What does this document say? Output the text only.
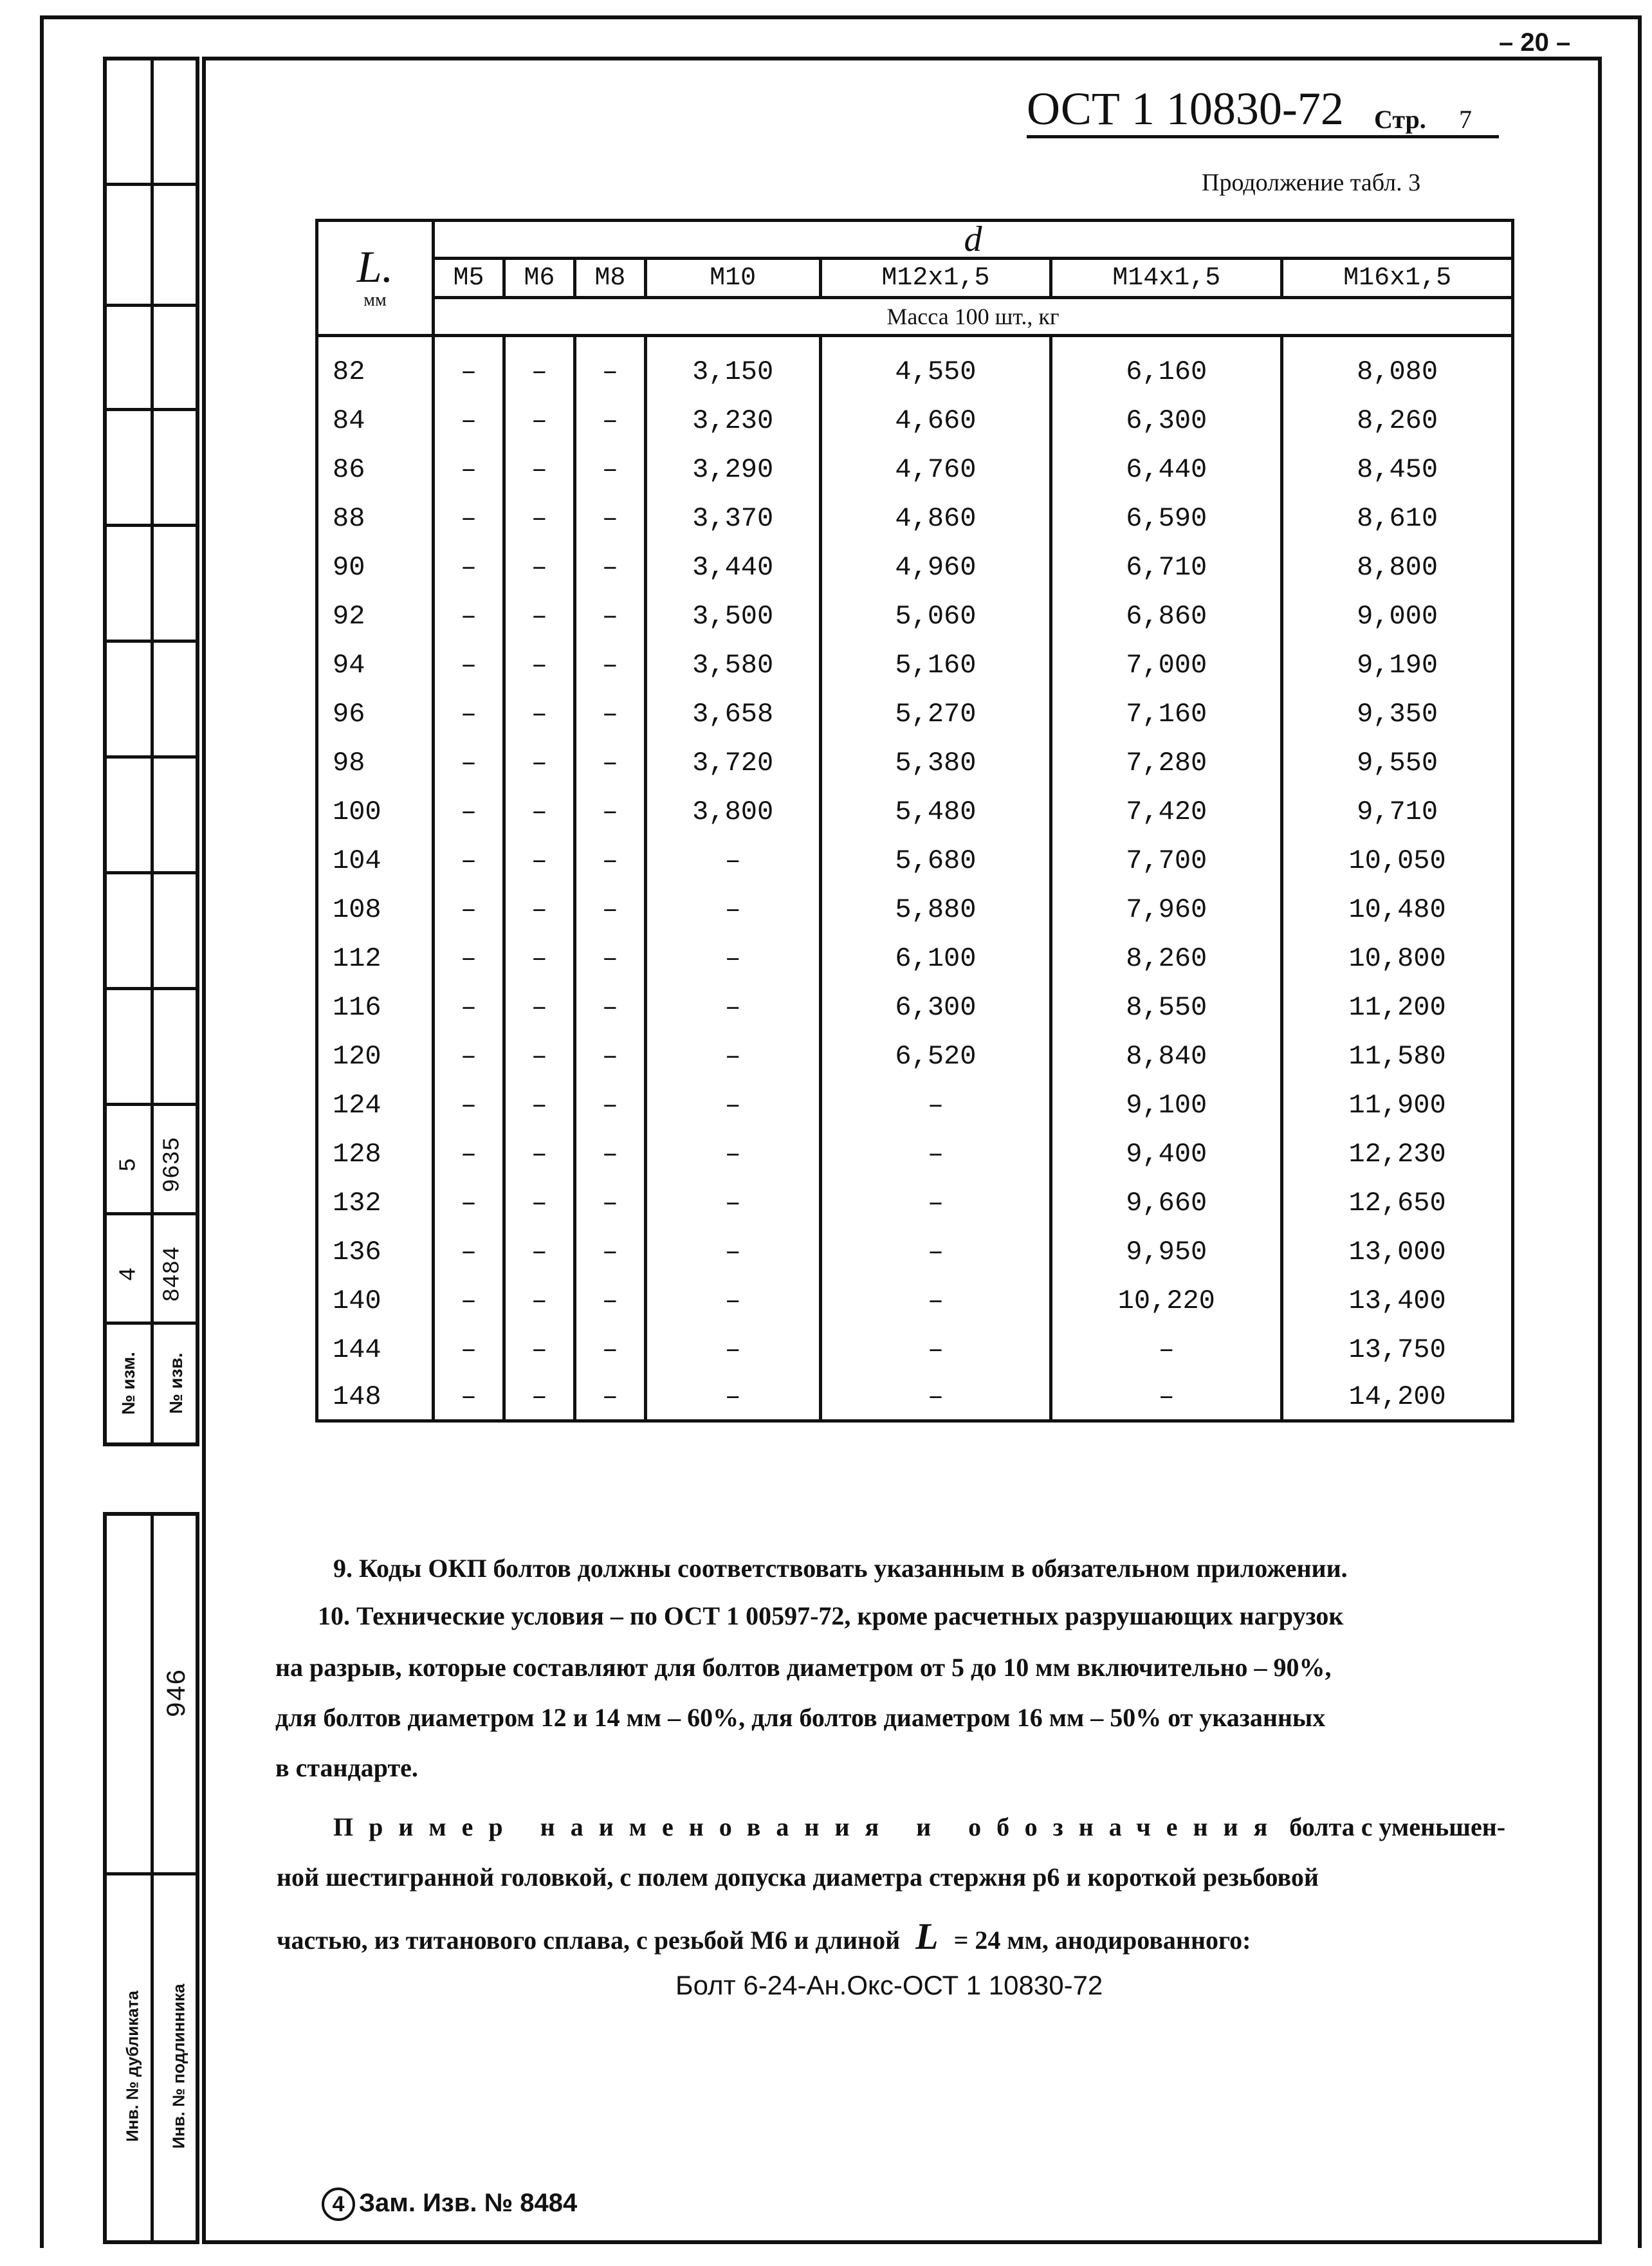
5 9635
4 8484
№ изм. № изв.
946
Инв. № дубликата Инв. № подлинника
– 20 –
ОСТ 1 10830-72 Стр. 7
Продолжение табл. 3
L.
мм	d						
	М5	М6	М8	М10	М12х1,5	М14х1,5	М16х1,5
	Масса 100 шт., кг						

82	–	–	–	3,150	4,550	6,160	8,080
84	–	–	–	3,230	4,660	6,300	8,260
86	–	–	–	3,290	4,760	6,440	8,450
88	–	–	–	3,370	4,860	6,590	8,610
90	–	–	–	3,440	4,960	6,710	8,800
92	–	–	–	3,500	5,060	6,860	9,000
94	–	–	–	3,580	5,160	7,000	9,190
96	–	–	–	3,658	5,270	7,160	9,350
98	–	–	–	3,720	5,380	7,280	9,550
100	–	–	–	3,800	5,480	7,420	9,710
104	–	–	–	–	5,680	7,700	10,050
108	–	–	–	–	5,880	7,960	10,480
112	–	–	–	–	6,100	8,260	10,800
116	–	–	–	–	6,300	8,550	11,200
120	–	–	–	–	6,520	8,840	11,580
124	–	–	–	–	–	9,100	11,900
128	–	–	–	–	–	9,400	12,230
132	–	–	–	–	–	9,660	12,650
136	–	–	–	–	–	9,950	13,000
140	–	–	–	–	–	10,220	13,400
144	–	–	–	–	–	–	13,750
148	–	–	–	–	–	–	14,200
9. Коды ОКП болтов должны соответствовать указанным в обязательном приложении.
10. Технические условия – по ОСТ 1 00597-72, кроме расчетных разрушающих нагрузок
на разрыв, которые составляют для болтов диаметром от 5 до 10 мм включительно – 90%,
для болтов диаметром 12 и 14 мм – 60%, для болтов диаметром 16 мм – 50% от указанных
в стандарте.
Пример наименования и обозначения болта с уменьшен-
ной шестигранной головкой, с полем допуска диаметра стержня р6 и короткой резьбовой
частью, из титанового сплава, с резьбой М6 и длиной L = 24 мм, анодированного:
Болт 6-24-Ан.Окс-ОСТ 1 10830-72
4 Зам. Изв. № 8484
